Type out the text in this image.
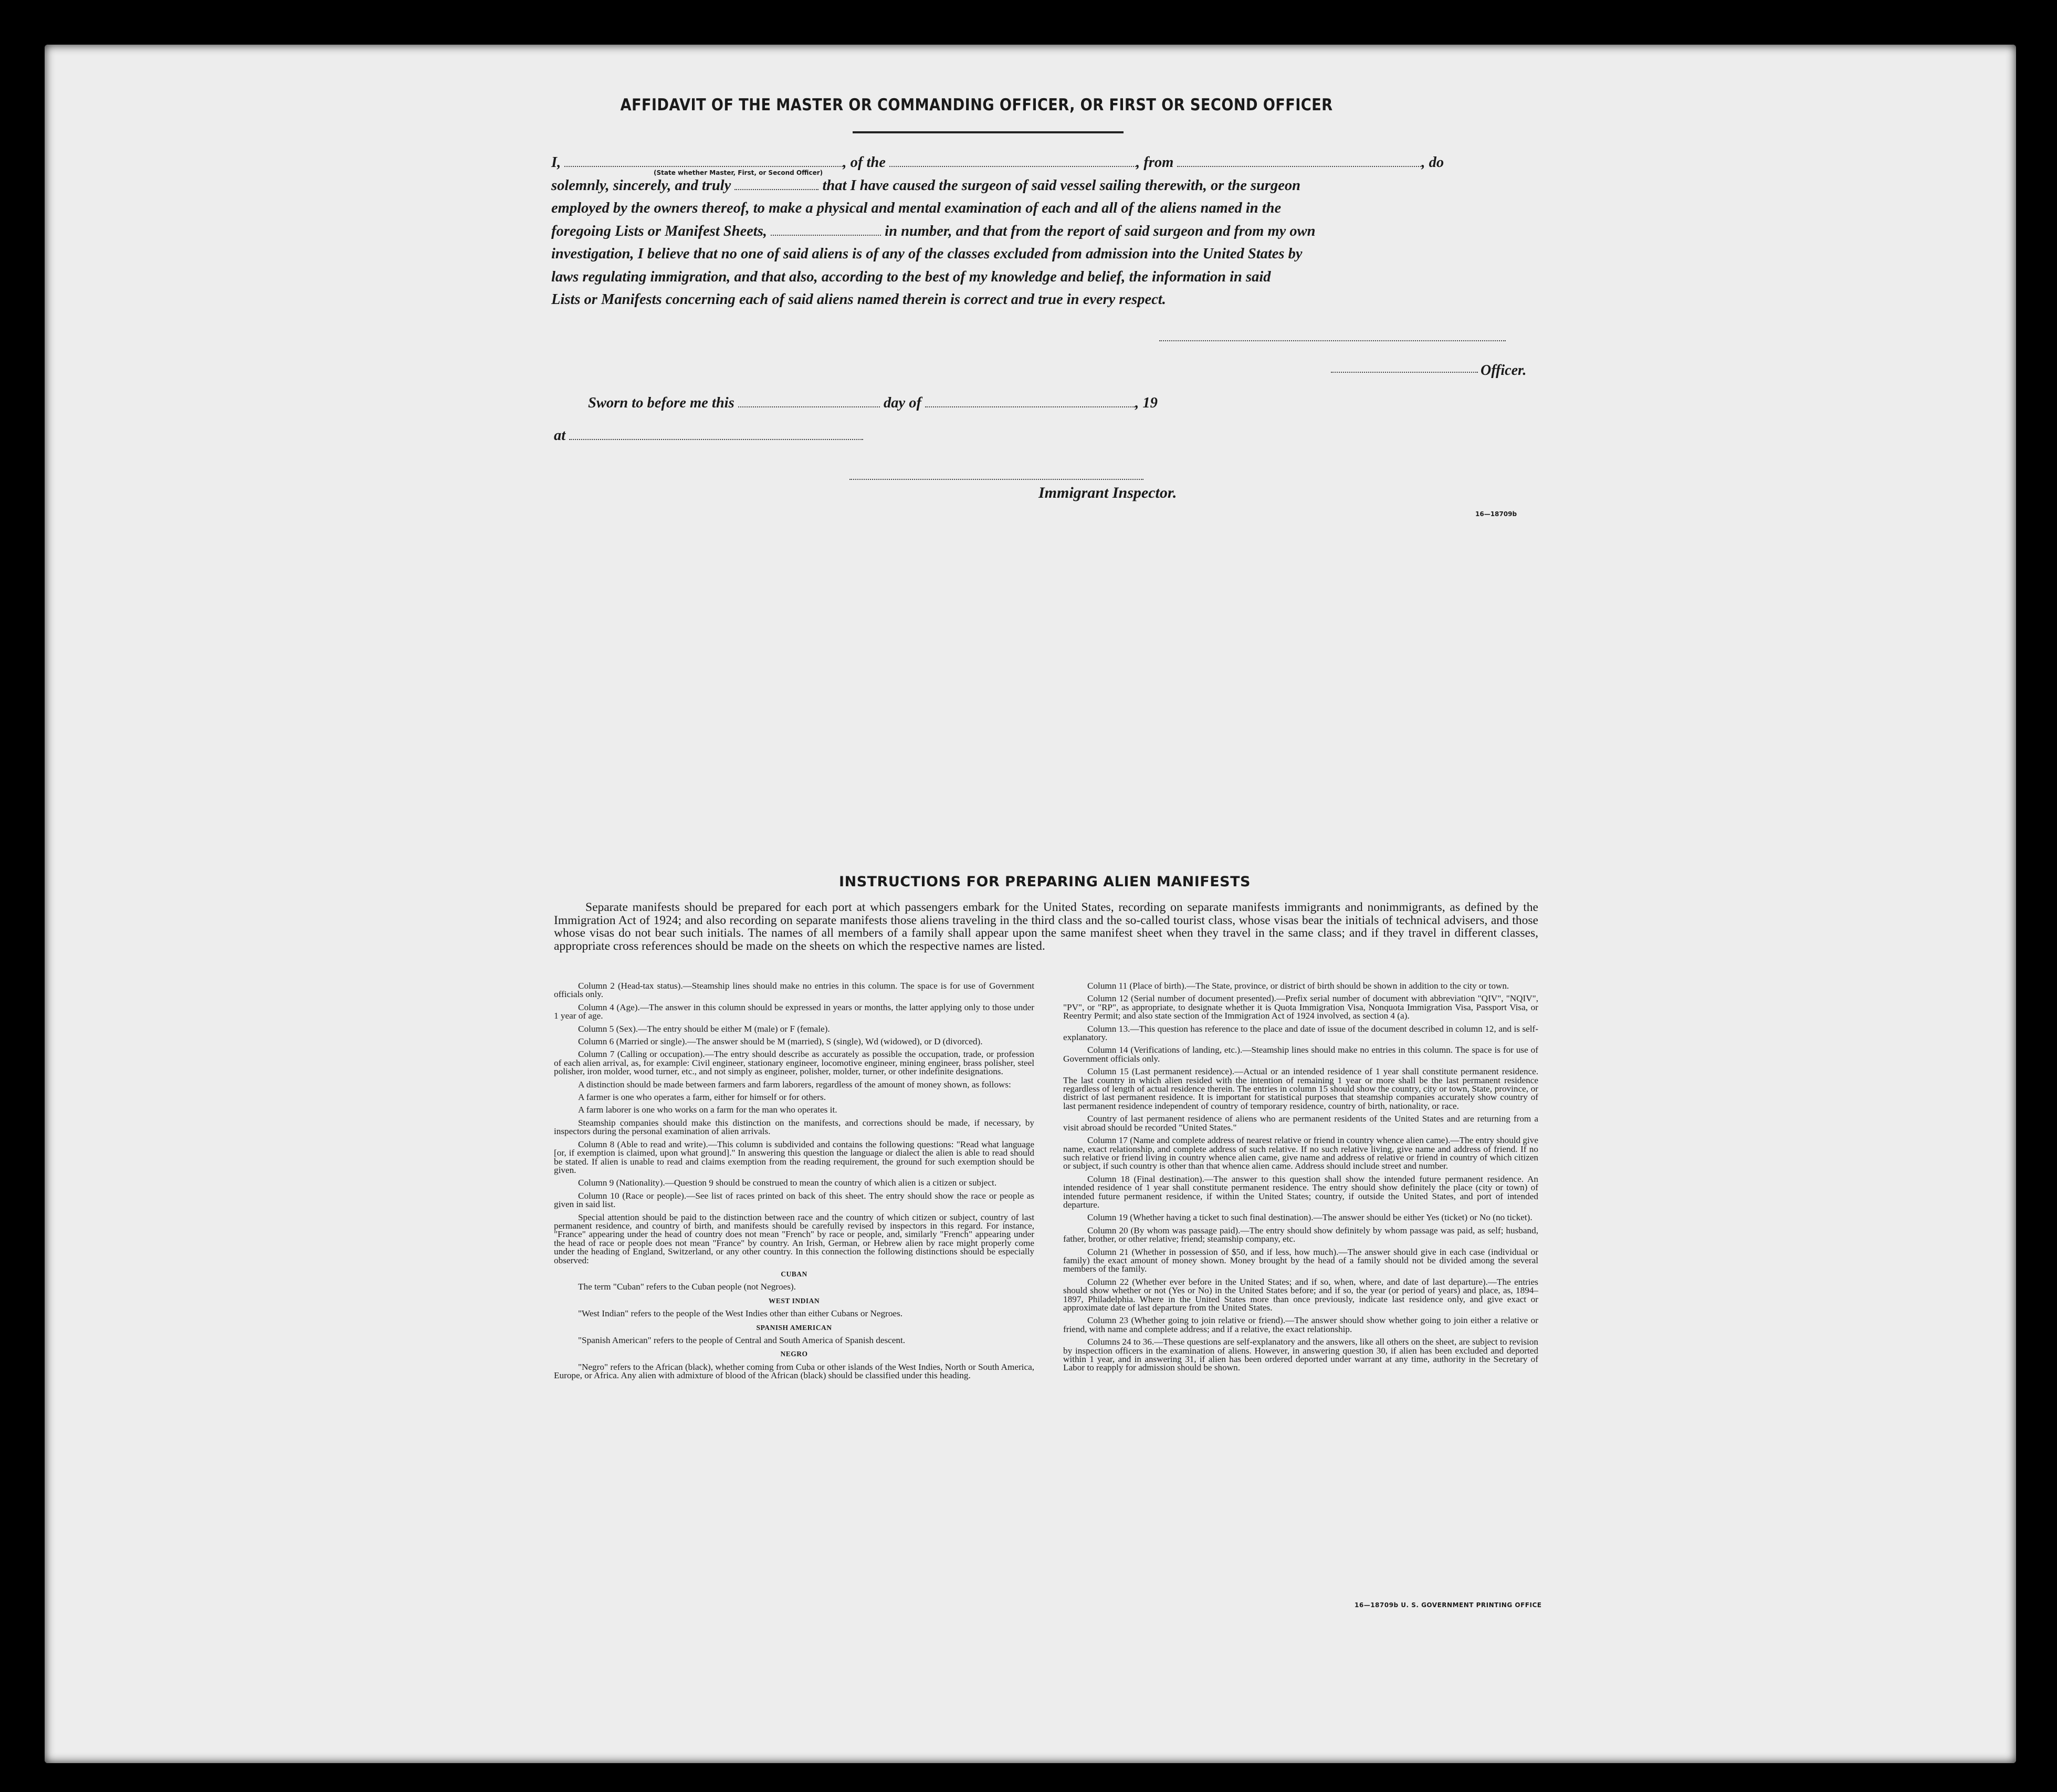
AFFIDAVIT OF THE MASTER OR COMMANDING OFFICER, OR FIRST OR SECOND OFFICER
I,	, of the	, from	, do
solemnly, sincerely, and truly	that I have caused the surgeon of said vessel sailing therewith, or the surgeon
employed by the owners thereof, to make a physical and mental examination of each and all of the aliens named in the
foregoing Lists or Manifest Sheets,	in number, and that from the report of said surgeon and from my own
investigation, I believe that no one of said aliens is of any of the classes excluded from admission into the United States by
laws regulating immigration, and that also, according to the best of my knowledge and belief, the information in said
Lists or Manifests concerning each of said aliens named therein is correct and true in every respect.
(State whether Master, First, or Second Officer)
Officer.
Sworn to before me this	day of	, 19
at
Immigrant Inspector.
16—18709b
INSTRUCTIONS FOR PREPARING ALIEN MANIFESTS
Separate manifests should be prepared for each port at which passengers embark for the United States, recording on separate manifests immigrants and nonimmigrants, as defined by the Immigration Act of 1924; and also recording on separate manifests those aliens traveling in the third class and the so-called tourist class, whose visas bear the initials of technical advisers, and those whose visas do not bear such initials. The names of all members of a family shall appear upon the same manifest sheet when they travel in the same class; and if they travel in different classes, appropriate cross references should be made on the sheets on which the respective names are listed.

Column 2 (Head-tax status).—Steamship lines should make no entries in this column. The space is for use of Government officials only.

Column 4 (Age).—The answer in this column should be expressed in years or months, the latter applying only to those under 1 year of age.

Column 5 (Sex).—The entry should be either M (male) or F (female).

Column 6 (Married or single).—The answer should be M (married), S (single), Wd (widowed), or D (divorced).

Column 7 (Calling or occupation).—The entry should describe as accurately as possible the occupation, trade, or profession of each alien arrival, as, for example: Civil engineer, stationary engineer, locomotive engineer, mining engineer, brass polisher, steel polisher, iron molder, wood turner, etc., and not simply as engineer, polisher, molder, turner, or other indefinite designations.

A distinction should be made between farmers and farm laborers, regardless of the amount of money shown, as follows:

A farmer is one who operates a farm, either for himself or for others.

A farm laborer is one who works on a farm for the man who operates it.

Steamship companies should make this distinction on the manifests, and corrections should be made, if necessary, by inspectors during the personal examination of alien arrivals.

Column 8 (Able to read and write).—This column is subdivided and contains the following questions: "Read what language [or, if exemption is claimed, upon what ground]." In answering this question the language or dialect the alien is able to read should be stated. If alien is unable to read and claims exemption from the reading requirement, the ground for such exemption should be given.

Column 9 (Nationality).—Question 9 should be construed to mean the country of which alien is a citizen or subject.

Column 10 (Race or people).—See list of races printed on back of this sheet. The entry should show the race or people as given in said list.

Special attention should be paid to the distinction between race and the country of which citizen or subject, country of last permanent residence, and country of birth, and manifests should be carefully revised by inspectors in this regard. For instance, "France" appearing under the head of country does not mean "French" by race or people, and, similarly "French" appearing under the head of race or people does not mean "France" by country. An Irish, German, or Hebrew alien by race might properly come under the heading of England, Switzerland, or any other country. In this connection the following distinctions should be especially observed:

CUBAN

The term "Cuban" refers to the Cuban people (not Negroes).

WEST INDIAN

"West Indian" refers to the people of the West Indies other than either Cubans or Negroes.

SPANISH AMERICAN

"Spanish American" refers to the people of Central and South America of Spanish descent.

NEGRO

"Negro" refers to the African (black), whether coming from Cuba or other islands of the West Indies, North or South America, Europe, or Africa. Any alien with admixture of blood of the African (black) should be classified under this heading.

Column 11 (Place of birth).—The State, province, or district of birth should be shown in addition to the city or town.

Column 12 (Serial number of document presented).—Prefix serial number of document with abbreviation "QIV", "NQIV", "PV", or "RP", as appropriate, to designate whether it is Quota Immigration Visa, Nonquota Immigration Visa, Passport Visa, or Reentry Permit; and also state section of the Immigration Act of 1924 involved, as section 4 (a).

Column 13.—This question has reference to the place and date of issue of the document described in column 12, and is self-explanatory.

Column 14 (Verifications of landing, etc.).—Steamship lines should make no entries in this column. The space is for use of Government officials only.

Column 15 (Last permanent residence).—Actual or an intended residence of 1 year shall constitute permanent residence. The last country in which alien resided with the intention of remaining 1 year or more shall be the last permanent residence regardless of length of actual residence therein. The entries in column 15 should show the country, city or town, State, province, or district of last permanent residence. It is important for statistical purposes that steamship companies accurately show country of last permanent residence independent of country of temporary residence, country of birth, nationality, or race.

Country of last permanent residence of aliens who are permanent residents of the United States and are returning from a visit abroad should be recorded "United States."

Column 17 (Name and complete address of nearest relative or friend in country whence alien came).—The entry should give name, exact relationship, and complete address of such relative. If no such relative living, give name and address of friend. If no such relative or friend living in country whence alien came, give name and address of relative or friend in country of which citizen or subject, if such country is other than that whence alien came. Address should include street and number.

Column 18 (Final destination).—The answer to this question shall show the intended future permanent residence. An intended residence of 1 year shall constitute permanent residence. The entry should show definitely the place (city or town) of intended future permanent residence, if within the United States; country, if outside the United States, and port of intended departure.

Column 19 (Whether having a ticket to such final destination).—The answer should be either Yes (ticket) or No (no ticket).

Column 20 (By whom was passage paid).—The entry should show definitely by whom passage was paid, as self; husband, father, brother, or other relative; friend; steamship company, etc.

Column 21 (Whether in possession of $50, and if less, how much).—The answer should give in each case (individual or family) the exact amount of money shown. Money brought by the head of a family should not be divided among the several members of the family.

Column 22 (Whether ever before in the United States; and if so, when, where, and date of last departure).—The entries should show whether or not (Yes or No) in the United States before; and if so, the year (or period of years) and place, as, 1894–1897, Philadelphia. Where in the United States more than once previously, indicate last residence only, and give exact or approximate date of last departure from the United States.

Column 23 (Whether going to join relative or friend).—The answer should show whether going to join either a relative or friend, with name and complete address; and if a relative, the exact relationship.

Columns 24 to 36.—These questions are self-explanatory and the answers, like all others on the sheet, are subject to revision by inspection officers in the examination of aliens. However, in answering question 30, if alien has been excluded and deported within 1 year, and in answering 31, if alien has been ordered deported under warrant at any time, authority in the Secretary of Labor to reapply for admission should be shown.

16—18709b U. S. GOVERNMENT PRINTING OFFICE
